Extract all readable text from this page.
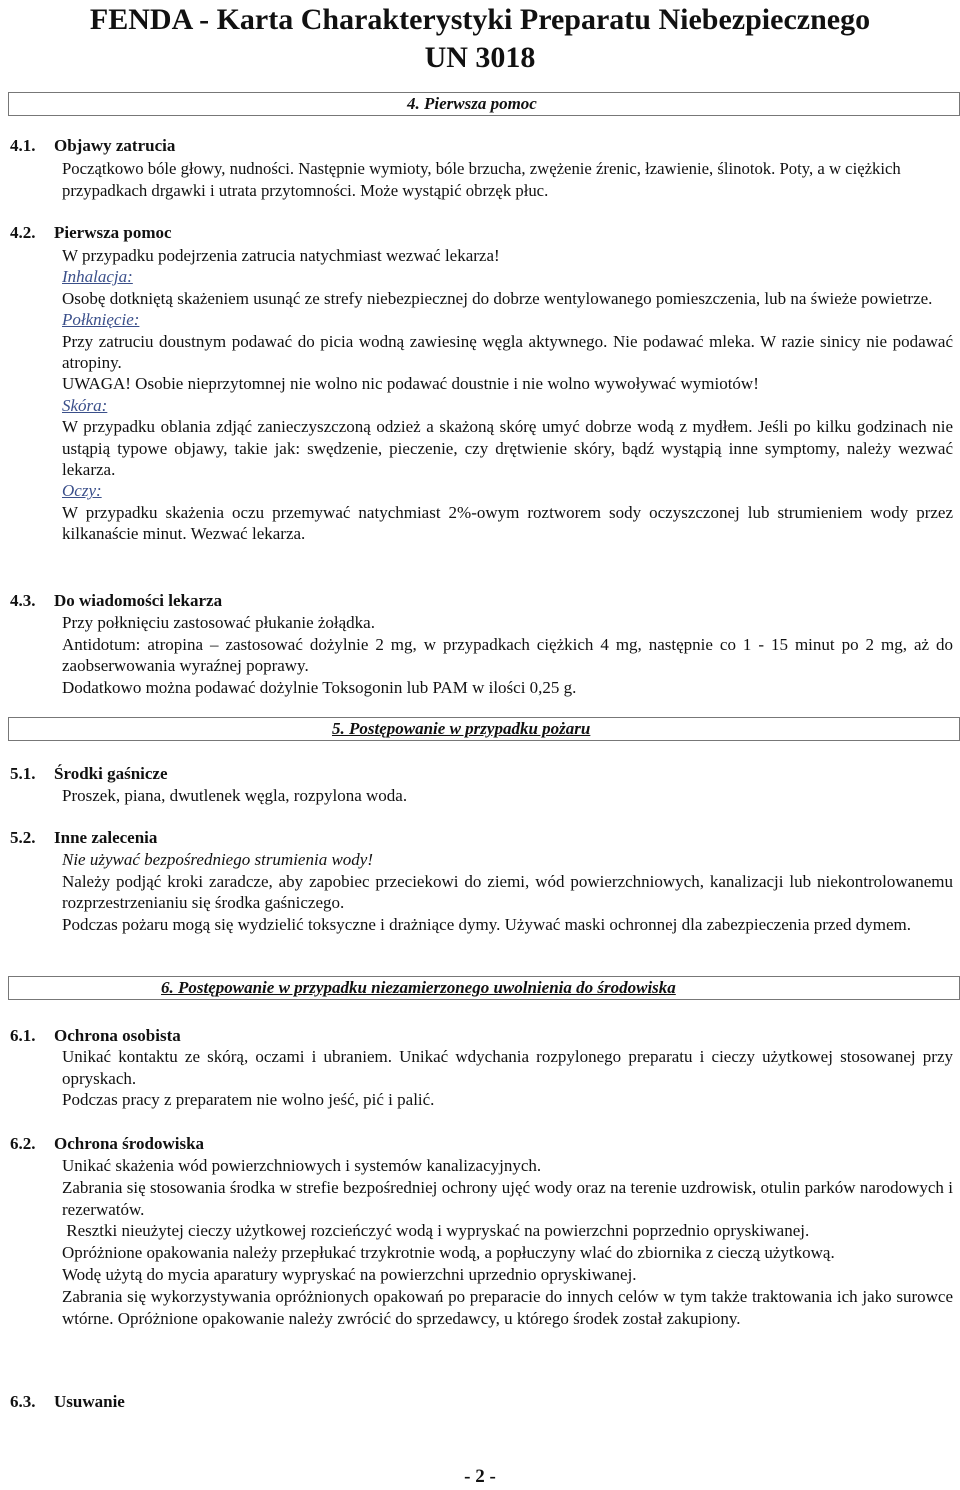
FENDA - Karta Charakterystyki Preparatu Niebezpiecznego
UN 3018
4. Pierwsza pomoc
4.1. Objawy zatrucia
Początkowo bóle głowy, nudności. Następnie wymioty, bóle brzucha, zwężenie źrenic, łzawienie, ślinotok. Poty, a w ciężkich przypadkach drgawki i utrata przytomności. Może wystąpić obrzęk płuc.
4.2. Pierwsza pomoc
W przypadku podejrzenia zatrucia natychmiast wezwać lekarza!
Inhalacja:
Osobę dotkniętą skażeniem usunąć ze strefy niebezpiecznej do dobrze wentylowanego pomieszczenia, lub na świeże powietrze.
Połknięcie:
Przy zatruciu doustnym podawać do picia wodną zawiesinę węgla aktywnego. Nie podawać mleka. W razie sinicy nie podawać atropiny.
UWAGA! Osobie nieprzytomnej nie wolno nic podawać doustnie i nie wolno wywoływać wymiotów!
Skóra:
W przypadku oblania zdjąć zanieczyszczoną odzież a skażoną skórę umyć dobrze wodą z mydłem. Jeśli po kilku godzinach nie ustąpią typowe objawy, takie jak: swędzenie, pieczenie, czy drętwienie skóry, bądź wystąpią inne symptomy, należy wezwać lekarza.
Oczy:
W przypadku skażenia oczu przemywać natychmiast 2%-owym roztworem sody oczyszczonej lub strumieniem wody przez kilkanaście minut. Wezwać lekarza.
4.3. Do wiadomości lekarza
Przy połknięciu zastosować płukanie żołądka.
Antidotum: atropina – zastosować dożylnie 2 mg, w przypadkach ciężkich 4 mg, następnie co 1 - 15 minut po 2 mg, aż do zaobserwowania wyraźnej poprawy.
Dodatkowo można podawać dożylnie Toksogonin lub PAM w ilości 0,25 g.
5. Postępowanie w przypadku pożaru
5.1. Środki gaśnicze
Proszek, piana, dwutlenek węgla, rozpylona woda.
5.2. Inne zalecenia
Nie używać bezpośredniego strumienia wody!
Należy podjąć kroki zaradcze, aby zapobiec przeciekowi do ziemi, wód powierzchniowych, kanalizacji lub niekontrolowanemu rozprzestrzenianiu się środka gaśniczego.
Podczas pożaru mogą się wydzielić toksyczne i drażniące dymy. Używać maski ochronnej dla zabezpieczenia przed dymem.
6. Postępowanie w przypadku niezamierzonego uwolnienia do środowiska
6.1. Ochrona osobista
Unikać kontaktu ze skórą, oczami i ubraniem. Unikać wdychania rozpylonego preparatu i cieczy użytkowej stosowanej przy opryskach.
Podczas pracy z preparatem nie wolno jeść, pić i palić.
6.2. Ochrona środowiska
Unikać skażenia wód powierzchniowych i systemów kanalizacyjnych.
Zabrania się stosowania środka w strefie bezpośredniej ochrony ujęć wody oraz na terenie uzdrowisk, otulin parków narodowych i rezerwatów.
Resztki nieużytej cieczy użytkowej rozcieńczyć wodą i wypryskać na powierzchni poprzednio opryskiwanej.
Opróżnione opakowania należy przepłukać trzykrotnie wodą, a popłuczyny wlać do zbiornika z cieczą użytkową.
Wodę użytą do mycia aparatury wypryskać na powierzchni uprzednio opryskiwanej.
Zabrania się wykorzystywania opróżnionych opakowań po preparacie do innych celów w tym także traktowania ich jako surowce wtórne. Opróżnione opakowanie należy zwrócić do sprzedawcy, u którego środek został zakupiony.
6.3. Usuwanie
- 2 -
